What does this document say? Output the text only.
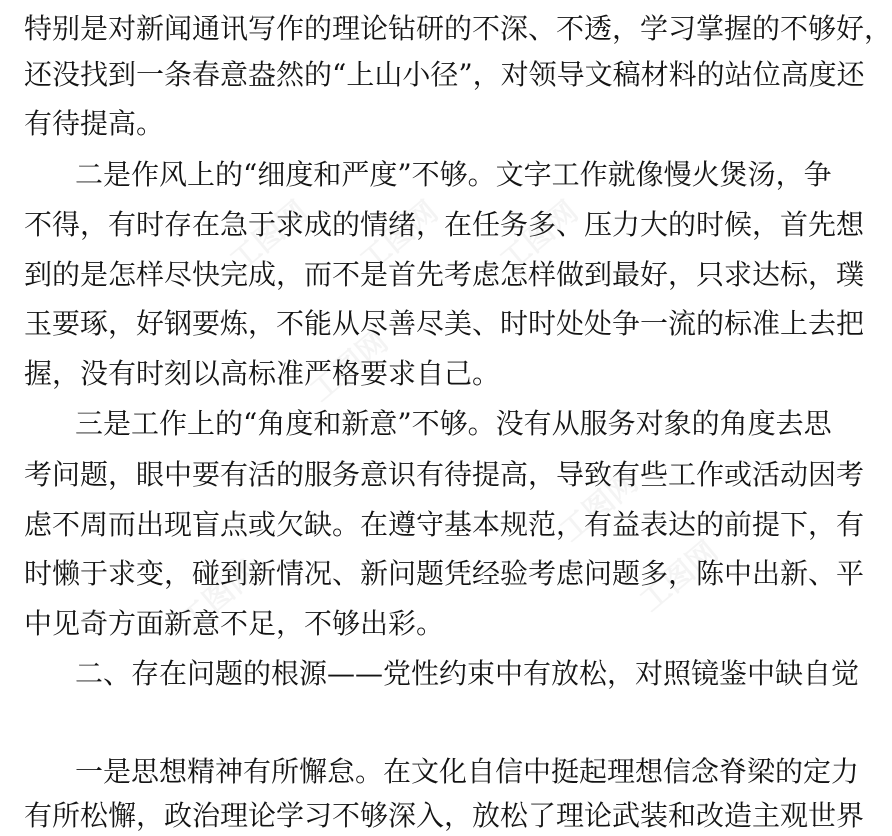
特别是对新闻通讯写作的理论钻研的不深、不透，学习掌握的不够好，

还没找到一条春意盎然的“上山小径”，对领导文稿材料的站位高度还

有待提高。

二是作风上的“细度和严度”不够。文字工作就像慢火煲汤，争

不得，有时存在急于求成的情绪，在任务多、压力大的时候，首先想

到的是怎样尽快完成，而不是首先考虑怎样做到最好，只求达标，璞

玉要琢，好钢要炼，不能从尽善尽美、时时处处争一流的标准上去把

握，没有时刻以高标准严格要求自己。

三是工作上的“角度和新意”不够。没有从服务对象的角度去思

考问题，眼中要有活的服务意识有待提高，导致有些工作或活动因考

虑不周而出现盲点或欠缺。在遵守基本规范，有益表达的前提下，有

时懒于求变，碰到新情况、新问题凭经验考虑问题多，陈中出新、平

中见奇方面新意不足，不够出彩。

二、存在问题的根源——党性约束中有放松，对照镜鉴中缺自觉

一是思想精神有所懈怠。在文化自信中挺起理想信念脊梁的定力

有所松懈，政治理论学习不够深入，放松了理论武装和改造主观世界
